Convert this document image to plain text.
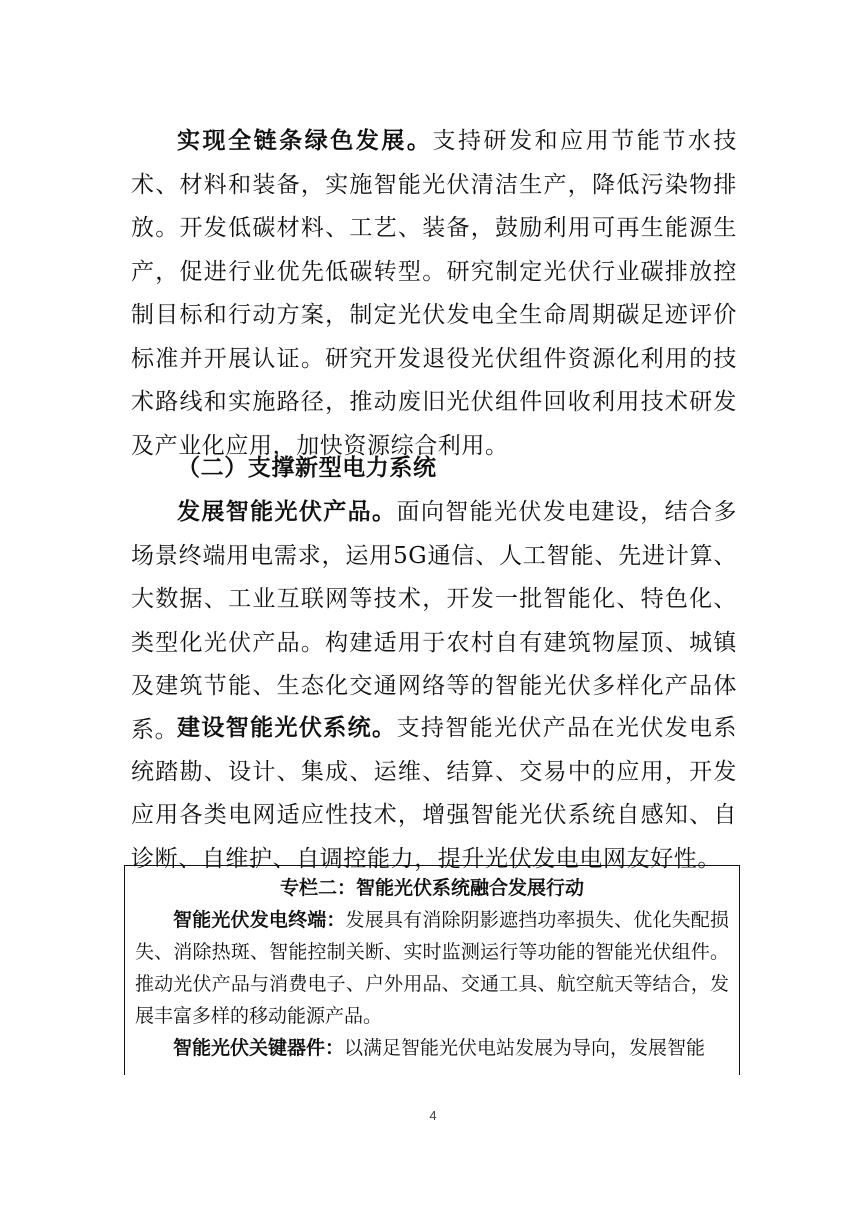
实现全链条绿色发展。支持研发和应用节能节水技术、材料和装备，实施智能光伏清洁生产，降低污染物排放。开发低碳材料、工艺、装备，鼓励利用可再生能源生产，促进行业优先低碳转型。研究制定光伏行业碳排放控制目标和行动方案，制定光伏发电全生命周期碳足迹评价标准并开展认证。研究开发退役光伏组件资源化利用的技术路线和实施路径，推动废旧光伏组件回收利用技术研发及产业化应用，加快资源综合利用。

（二）支撑新型电力系统

发展智能光伏产品。面向智能光伏发电建设，结合多场景终端用电需求，运用5G通信、人工智能、先进计算、大数据、工业互联网等技术，开发一批智能化、特色化、类型化光伏产品。构建适用于农村自有建筑物屋顶、城镇及建筑节能、生态化交通网络等的智能光伏多样化产品体系。

建设智能光伏系统。支持智能光伏产品在光伏发电系统踏勘、设计、集成、运维、结算、交易中的应用，开发应用各类电网适应性技术，增强智能光伏系统自感知、自诊断、自维护、自调控能力，提升光伏发电电网友好性。

专栏二：智能光伏系统融合发展行动

智能光伏发电终端：发展具有消除阴影遮挡功率损失、优化失配损失、消除热斑、智能控制关断、实时监测运行等功能的智能光伏组件。推动光伏产品与消费电子、户外用品、交通工具、航空航天等结合，发展丰富多样的移动能源产品。

智能光伏关键器件：以满足智能光伏电站发展为导向，发展智能

4
